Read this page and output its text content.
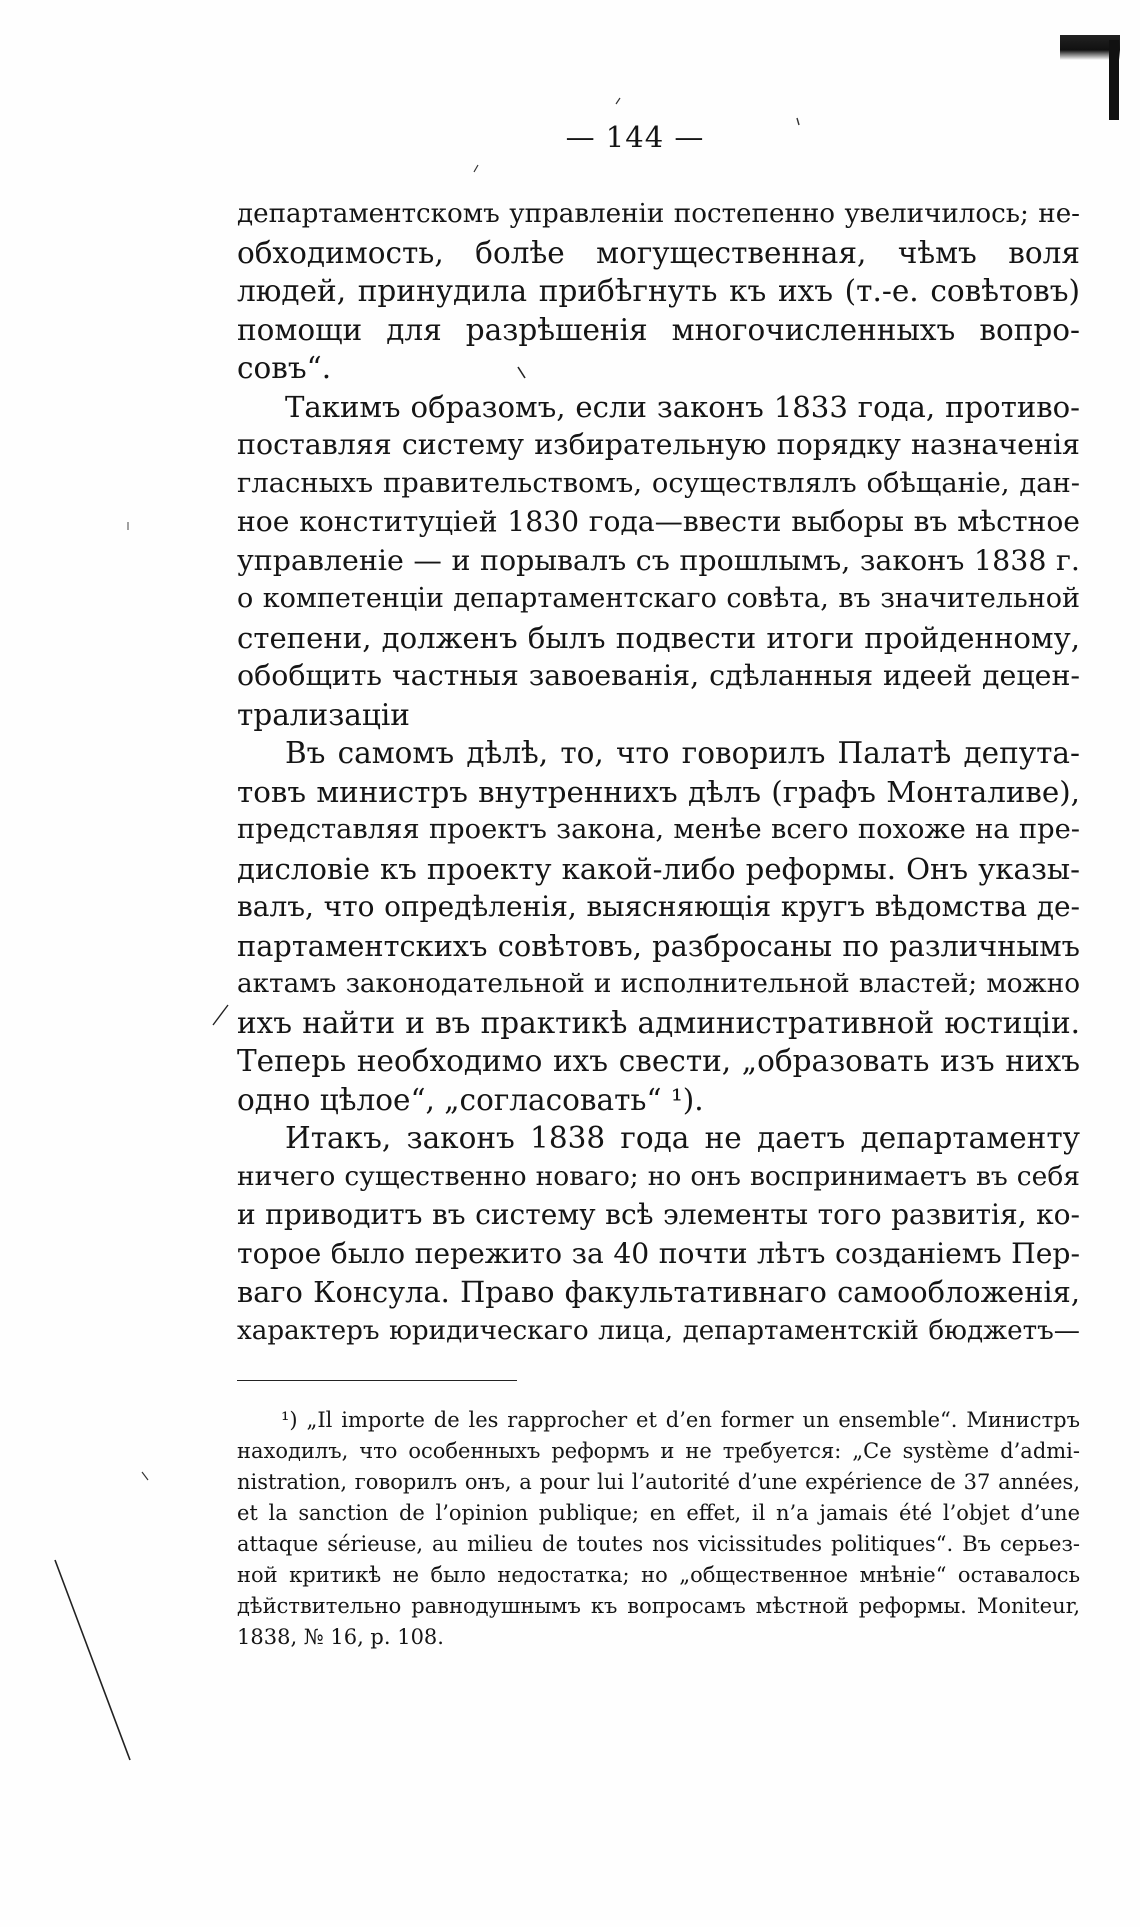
— 144 —

департаментскомъ управленіи постепенно увеличилось; не-
обходимость, болѣе могущественная, чѣмъ воля
людей, принудила прибѣгнуть къ ихъ (т.-е. совѣтовъ)
помощи для разрѣшенія многочисленныхъ вопро-
совъ“.

Такимъ образомъ, если законъ 1833 года, противо-
поставляя систему избирательную порядку назначенія
гласныхъ правительствомъ, осуществлялъ обѣщаніе, дан-
ное конституціей 1830 года—ввести выборы въ мѣстное
управленіе — и порывалъ съ прошлымъ, законъ 1838 г.
о компетенціи департаментскаго совѣта, въ значительной
степени, долженъ былъ подвести итоги пройденному,
обобщить частныя завоеванія, сдѣланныя идеей децен-
трализаціи

Въ самомъ дѣлѣ, то, что говорилъ Палатѣ депута-
товъ министръ внутреннихъ дѣлъ (графъ Монталиве),
представляя проектъ закона, менѣе всего похоже на пре-
дисловіе къ проекту какой-либо реформы. Онъ указы-
валъ, что опредѣленія, выясняющія кругъ вѣдомства де-
партаментскихъ совѣтовъ, разбросаны по различнымъ
актамъ законодательной и исполнительной властей; можно
ихъ найти и въ практикѣ административной юстиціи.
Теперь необходимо ихъ свести, „образовать изъ нихъ
одно цѣлое“, „согласовать“ ¹).

Итакъ, законъ 1838 года не даетъ департаменту
ничего существенно новаго; но онъ воспринимаетъ въ себя
и приводитъ въ систему всѣ элементы того развитія, ко-
торое было пережито за 40 почти лѣтъ созданіемъ Пер-
ваго Консула. Право факультативнаго самообложенія,
характеръ юридическаго лица, департаментскій бюджетъ—

¹) „Il importe de les rapprocher et d’en former un ensemble“. Министръ
находилъ, что особенныхъ реформъ и не требуется: „Ce système d’admi-
nistration, говорилъ онъ, a pour lui l’autorité d’une expérience de 37 années,
et la sanction de l’opinion publique; en effet, il n’a jamais été l’objet d’une
attaque sérieuse, au milieu de toutes nos vicissitudes politiques“. Въ серьез-
ной критикѣ не было недостатка; но „общественное мнѣніе“ оставалось
дѣйствительно равнодушнымъ къ вопросамъ мѣстной реформы. Moniteur,
1838, № 16, p. 108.
